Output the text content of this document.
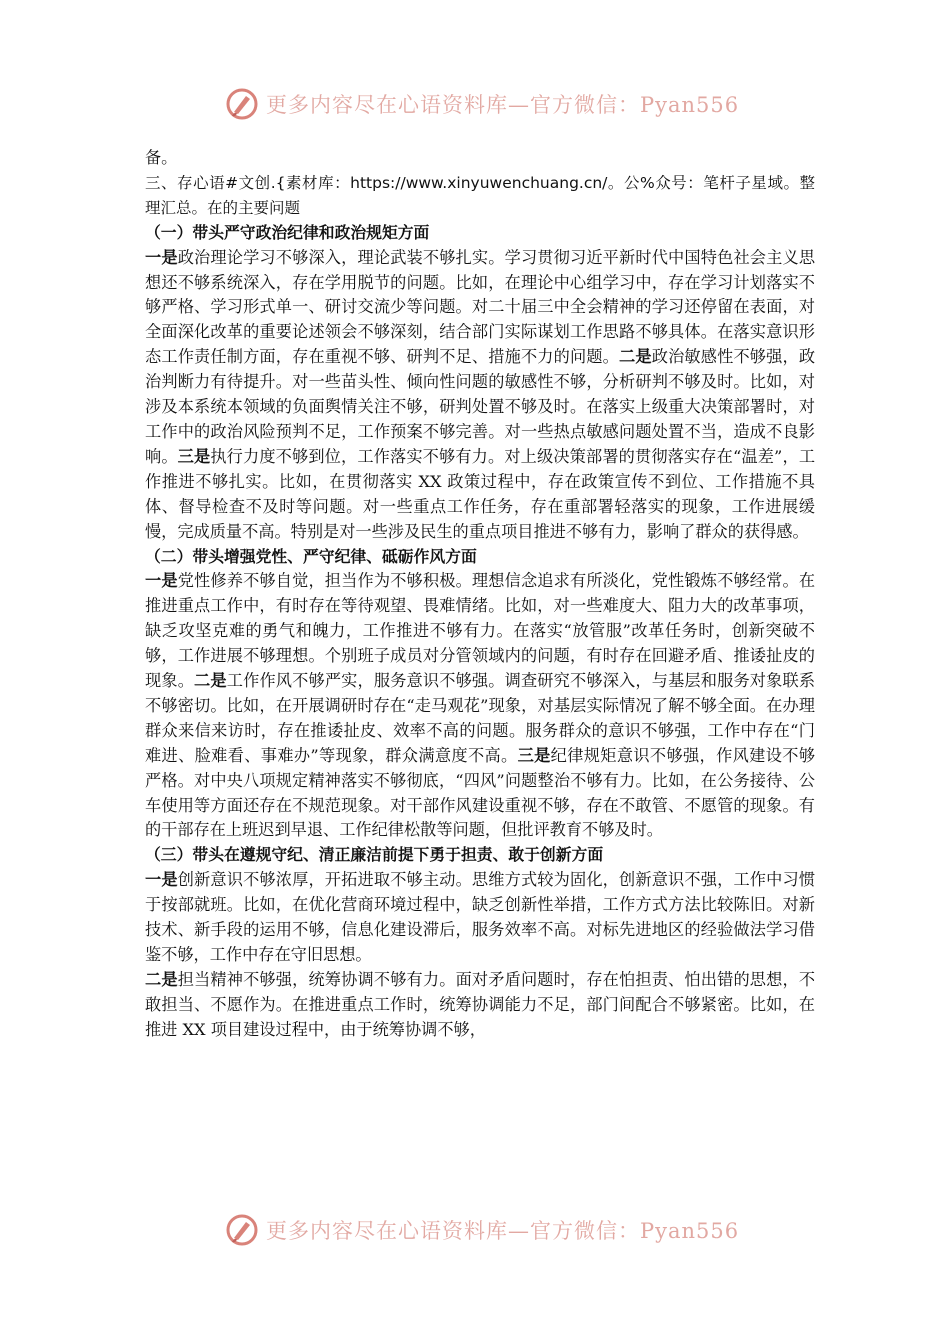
更多内容尽在心语资料库—官方微信：Pyan556

备。

三、存心语#文创.{素材库：https://www.xinyuwenchuang.cn/。公%众号：笔杆子星域。整理汇总。在的主要问题

（一）带头严守政治纪律和政治规矩方面

一是政治理论学习不够深入，理论武装不够扎实。学习贯彻习近平新时代中国特色社会主义思想还不够系统深入，存在学用脱节的问题。比如，在理论中心组学习中，存在学习计划落实不够严格、学习形式单一、研讨交流少等问题。对二十届三中全会精神的学习还停留在表面，对全面深化改革的重要论述领会不够深刻，结合部门实际谋划工作思路不够具体。在落实意识形态工作责任制方面，存在重视不够、研判不足、措施不力的问题。二是政治敏感性不够强，政治判断力有待提升。对一些苗头性、倾向性问题的敏感性不够，分析研判不够及时。比如，对涉及本系统本领域的负面舆情关注不够，研判处置不够及时。在落实上级重大决策部署时，对工作中的政治风险预判不足，工作预案不够完善。对一些热点敏感问题处置不当，造成不良影响。三是执行力度不够到位，工作落实不够有力。对上级决策部署的贯彻落实存在“温差”，工作推进不够扎实。比如，在贯彻落实 XX 政策过程中，存在政策宣传不到位、工作措施不具体、督导检查不及时等问题。对一些重点工作任务，存在重部署轻落实的现象，工作进展缓慢，完成质量不高。特别是对一些涉及民生的重点项目推进不够有力，影响了群众的获得感。

（二）带头增强党性、严守纪律、砥砺作风方面

一是党性修养不够自觉，担当作为不够积极。理想信念追求有所淡化，党性锻炼不够经常。在推进重点工作中，有时存在等待观望、畏难情绪。比如，对一些难度大、阻力大的改革事项，缺乏攻坚克难的勇气和魄力，工作推进不够有力。在落实“放管服”改革任务时，创新突破不够，工作进展不够理想。个别班子成员对分管领域内的问题，有时存在回避矛盾、推诿扯皮的现象。二是工作作风不够严实，服务意识不够强。调查研究不够深入，与基层和服务对象联系不够密切。比如，在开展调研时存在“走马观花”现象，对基层实际情况了解不够全面。在办理群众来信来访时，存在推诿扯皮、效率不高的问题。服务群众的意识不够强，工作中存在“门难进、脸难看、事难办”等现象，群众满意度不高。三是纪律规矩意识不够强，作风建设不够严格。对中央八项规定精神落实不够彻底，“四风”问题整治不够有力。比如，在公务接待、公车使用等方面还存在不规范现象。对干部作风建设重视不够，存在不敢管、不愿管的现象。有的干部存在上班迟到早退、工作纪律松散等问题，但批评教育不够及时。

（三）带头在遵规守纪、清正廉洁前提下勇于担责、敢于创新方面

一是创新意识不够浓厚，开拓进取不够主动。思维方式较为固化，创新意识不强，工作中习惯于按部就班。比如，在优化营商环境过程中，缺乏创新性举措，工作方式方法比较陈旧。对新技术、新手段的运用不够，信息化建设滞后，服务效率不高。对标先进地区的经验做法学习借鉴不够，工作中存在守旧思想。

二是担当精神不够强，统筹协调不够有力。面对矛盾问题时，存在怕担责、怕出错的思想，不敢担当、不愿作为。在推进重点工作时，统筹协调能力不足，部门间配合不够紧密。比如，在推进 XX 项目建设过程中，由于统筹协调不够，

更多内容尽在心语资料库—官方微信：Pyan556
